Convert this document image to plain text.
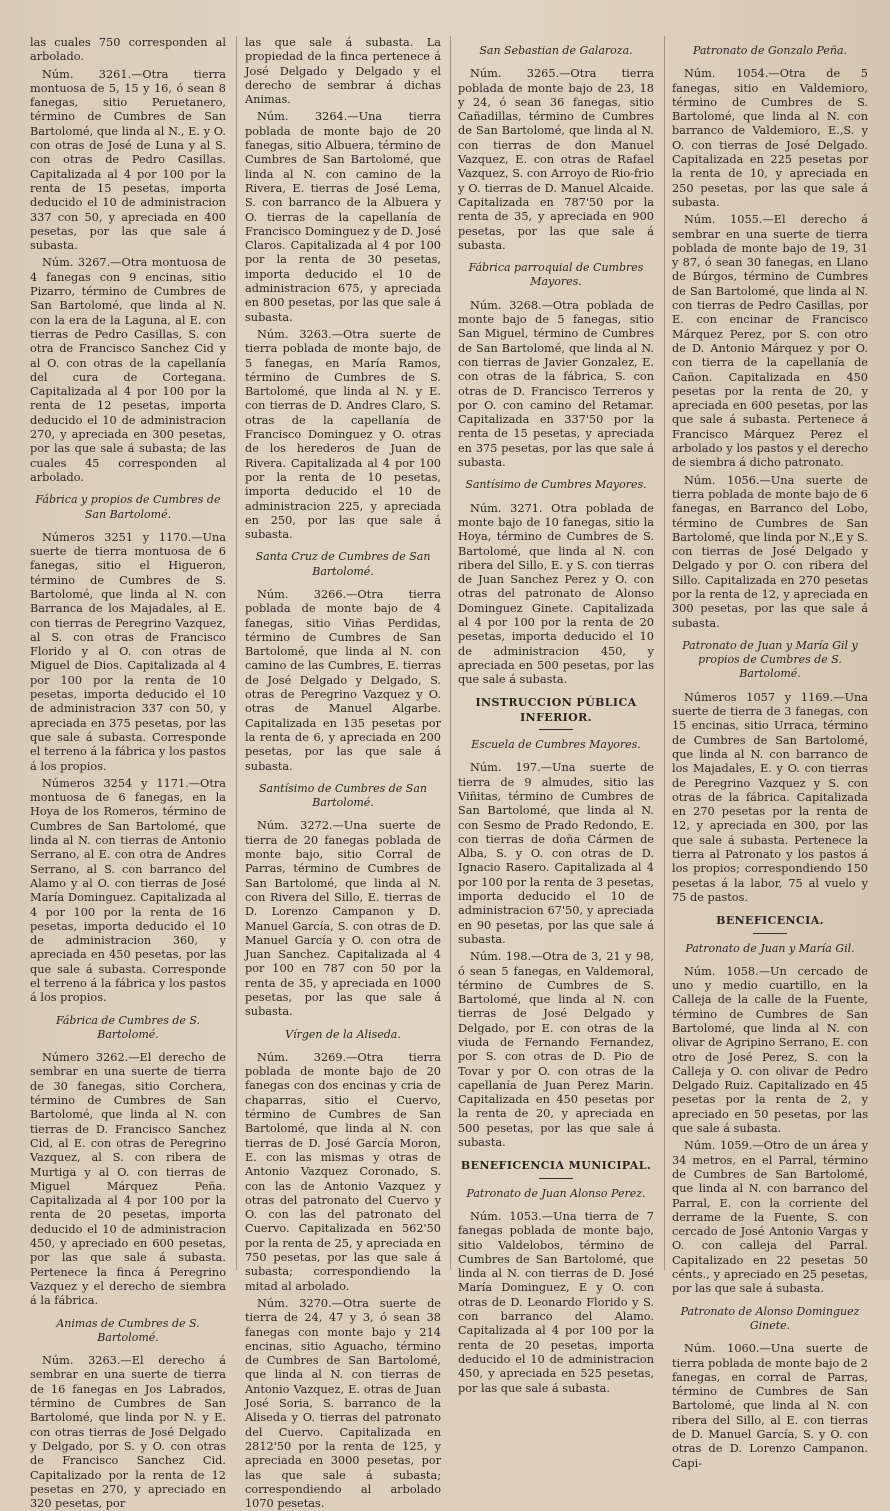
las cuales 750 corresponden al arbolado.

Núm. 3261.—Otra tierra montuosa de 5, 15 y 16, ó sean 8 fanegas, sitio Peruetanero, término de Cumbres de San Bartolomé, que linda al N., E. y O. con otras de José de Luna y al S. con otras de Pedro Casillas. Capitalizada al 4 por 100 por la renta de 15 pesetas, importa deducido el 10 de administracion 337 con 50, y apreciada en 400 pesetas, por las que sale á subasta.

Núm. 3267.—Otra montuosa de 4 fanegas con 9 encinas, sitio Pizarro, término de Cumbres de San Bartolomé, que linda al N. con la era de la Laguna, al E. con tierras de Pedro Casillas, S. con otra de Francisco Sanchez Cid y al O. con otras de la capellanía del cura de Cortegana. Capitalizada al 4 por 100 por la renta de 12 pesetas, importa deducido el 10 de administracion 270, y apreciada en 300 pesetas, por las que sale á subasta; de las cuales 45 corresponden al arbolado.

Fábrica y propios de Cumbres de San Bartolomé.

Números 3251 y 1170.—Una suerte de tierra montuosa de 6 fanegas, sitio el Higueron, término de Cumbres de S. Bartolomé, que linda al N. con Barranca de los Majadales, al E. con tierras de Peregrino Vazquez, al S. con otras de Francisco Florido y al O. con otras de Miguel de Dios. Capitalizada al 4 por 100 por la renta de 10 pesetas, importa deducido el 10 de administracion 337 con 50, y apreciada en 375 pesetas, por las que sale á subasta. Corresponde el terreno á la fábrica y los pastos á los propios.

Números 3254 y 1171.—Otra montuosa de 6 fanegas, en la Hoya de los Romeros, término de Cumbres de San Bartolomé, que linda al N. con tierras de Antonio Serrano, al E. con otra de Andres Serrano, al S. con barranco del Alamo y al O. con tierras de José María Dominguez. Capitalizada al 4 por 100 por la renta de 16 pesetas, importa deducido el 10 de administracion 360, y apreciada en 450 pesetas, por las que sale á subasta. Corresponde el terreno á la fábrica y los pastos á los propios.

Fábrica de Cumbres de S. Bartolomé.

Número 3262.—El derecho de sembrar en una suerte de tierra de 30 fanegas, sitio Corchera, término de Cumbres de San Bartolomé, que linda al N. con tierras de D. Francisco Sanchez Cid, al E. con otras de Peregrino Vazquez, al S. con ribera de Murtiga y al O. con tierras de Miguel Márquez Peña. Capitalizada al 4 por 100 por la renta de 20 pesetas, importa deducido el 10 de administracion 450, y apreciado en 600 pesetas, por las que sale á subasta. Pertenece la finca á Peregrino Vazquez y el derecho de siembra á la fábrica.

Animas de Cumbres de S. Bartolomé.

Núm. 3263.—El derecho á sembrar en una suerte de tierra de 16 fanegas en Jos Labrados, término de Cumbres de San Bartolomé, que linda por N. y E. con otras tierras de José Delgado y Delgado, por S. y O. con otras de Francisco Sanchez Cid. Capitalizado por la renta de 12 pesetas en 270, y apreciado en 320 pesetas, por

las que sale á subasta. La propiedad de la finca pertenece á José Delgado y Delgado y el derecho de sembrar á dichas Animas.

Núm. 3264.—Una tierra poblada de monte bajo de 20 fanegas, sitio Albuera, término de Cumbres de San Bartolomé, que linda al N. con camino de la Rivera, E. tierras de José Lema, S. con barranco de la Albuera y O. tierras de la capellanía de Francisco Dominguez y de D. José Claros. Capitalizada al 4 por 100 por la renta de 30 pesetas, importa deducido el 10 de administracion 675, y apreciada en 800 pesetas, por las que sale á subasta.

Núm. 3263.—Otra suerte de tierra poblada de monte bajo, de 5 fanegas, en María Ramos, término de Cumbres de S. Bartolomé, que linda al N. y E. con tierras de D. Andres Claro, S. otras de la capellanía de Francisco Dominguez y O. otras de los herederos de Juan de Rivera. Capitalizada al 4 por 100 por la renta de 10 pesetas, importa deducido el 10 de administracion 225, y apreciada en 250, por las que sale á subasta.

Santa Cruz de Cumbres de San Bartolomé.

Núm. 3266.—Otra tierra poblada de monte bajo de 4 fanegas, sitio Viñas Perdidas, término de Cumbres de San Bartolomé, que linda al N. con camino de las Cumbres, E. tierras de José Delgado y Delgado, S. otras de Peregrino Vazquez y O. otras de Manuel Algarbe. Capitalizada en 135 pesetas por la renta de 6, y apreciada en 200 pesetas, por las que sale á subasta.

Santísimo de Cumbres de San Bartolomé.

Núm. 3272.—Una suerte de tierra de 20 fanegas poblada de monte bajo, sitio Corral de Parras, término de Cumbres de San Bartolomé, que linda al N. con Rivera del Sillo, E. tierras de D. Lorenzo Campanon y D. Manuel García, S. con otras de D. Manuel García y O. con otra de Juan Sanchez. Capitalizada al 4 por 100 en 787 con 50 por la renta de 35, y apreciada en 1000 pesetas, por las que sale á subasta.

Vírgen de la Aliseda.

Núm. 3269.—Otra tierra poblada de monte bajo de 20 fanegas con dos encinas y cria de chaparras, sitio el Cuervo, término de Cumbres de San Bartolomé, que linda al N. con tierras de D. José García Moron, E. con las mismas y otras de Antonio Vazquez Coronado, S. con las de Antonio Vazquez y otras del patronato del Cuervo y O. con las del patronato del Cuervo. Capitalizada en 562'50 por la renta de 25, y apreciada en 750 pesetas, por las que sale á subasta; correspondiendo la mitad al arbolado.

Núm. 3270.—Otra suerte de tierra de 24, 47 y 3, ó sean 38 fanegas con monte bajo y 214 encinas, sitio Aguacho, término de Cumbres de San Bartolomé, que linda al N. con tierras de Antonio Vazquez, E. otras de Juan José Soria, S. barranco de la Aliseda y O. tierras del patronato del Cuervo. Capitalizada en 2812'50 por la renta de 125, y apreciada en 3000 pesetas, por las que sale á subasta; correspondiendo al arbolado 1070 pesetas.

San Sebastian de Galaroza.

Núm. 3265.—Otra tierra poblada de monte bajo de 23, 18 y 24, ó sean 36 fanegas, sitio Cañadillas, término de Cumbres de San Bartolomé, que linda al N. con tierras de don Manuel Vazquez, E. con otras de Rafael Vazquez, S. con Arroyo de Rio-frio y O. tierras de D. Manuel Alcaide. Capitalizada en 787'50 por la renta de 35, y apreciada en 900 pesetas, por las que sale á subasta.

Fábrica parroquial de Cumbres Mayores.

Núm. 3268.—Otra poblada de monte bajo de 5 fanegas, sitio San Miguel, término de Cumbres de San Bartolomé, que linda al N. con tierras de Javier Gonzalez, E. con otras de la fábrica, S. con otras de D. Francisco Terreros y por O. con camino del Retamar. Capitalizada en 337'50 por la renta de 15 pesetas, y apreciada en 375 pesetas, por las que sale á subasta.

Santísimo de Cumbres Mayores.

Núm. 3271. Otra poblada de monte bajo de 10 fanegas, sitio la Hoya, término de Cumbres de S. Bartolomé, que linda al N. con ribera del Sillo, E. y S. con tierras de Juan Sanchez Perez y O. con otras del patronato de Alonso Dominguez Ginete. Capitalizada al 4 por 100 por la renta de 20 pesetas, importa deducido el 10 de administracion 450, y apreciada en 500 pesetas, por las que sale á subasta.

INSTRUCCION PÚBLICA INFERIOR.
Escuela de Cumbres Mayores.

Núm. 197.—Una suerte de tierra de 9 almudes, sitio las Viñitas, término de Cumbres de San Bartolomé, que linda al N. con Sesmo de Prado Redondo, E. con tierras de doña Cármen de Alba, S. y O. con otras de D. Ignacio Rasero. Capitalizada al 4 por 100 por la renta de 3 pesetas, importa deducido el 10 de administracion 67'50, y apreciada en 90 pesetas, por las que sale á subasta.

Núm. 198.—Otra de 3, 21 y 98, ó sean 5 fanegas, en Valdemoral, término de Cumbres de S. Bartolomé, que linda al N. con tierras de José Delgado y Delgado, por E. con otras de la viuda de Fernando Fernandez, por S. con otras de D. Pio de Tovar y por O. con otras de la capellanía de Juan Perez Marin. Capitalizada en 450 pesetas por la renta de 20, y apreciada en 500 pesetas, por las que sale á subasta.

BENEFICENCIA MUNICIPAL.
Patronato de Juan Alonso Perez.

Núm. 1053.—Una tierra de 7 fanegas poblada de monte bajo, sitio Valdelobos, término de Cumbres de San Bartolomé, que linda al N. con tierras de D. José María Dominguez, E y O. con otras de D. Leonardo Florido y S. con barranco del Alamo. Capitalizada al 4 por 100 por la renta de 20 pesetas, importa deducido el 10 de administracion 450, y apreciada en 525 pesetas, por las que sale á subasta.

Patronato de Gonzalo Peña.

Núm. 1054.—Otra de 5 fanegas, sitio en Valdemioro, término de Cumbres de S. Bartolomé, que linda al N. con barranco de Valdemioro, E.,S. y O. con tierras de José Delgado. Capitalizada en 225 pesetas por la renta de 10, y apreciada en 250 pesetas, por las que sale á subasta.

Núm. 1055.—El derecho á sembrar en una suerte de tierra poblada de monte bajo de 19, 31 y 87, ó sean 30 fanegas, en Llano de Búrgos, término de Cumbres de San Bartolomé, que linda al N. con tierras de Pedro Casillas, por E. con encinar de Francisco Márquez Perez, por S. con otro de D. Antonio Márquez y por O. con tierra de la capellanía de Cañon. Capitalizada en 450 pesetas por la renta de 20, y apreciada en 600 pesetas, por las que sale á subasta. Pertenece á Francisco Márquez Perez el arbolado y los pastos y el derecho de siembra á dicho patronato.

Núm. 1056.—Una suerte de tierra poblada de monte bajo de 6 fanegas, en Barranco del Lobo, término de Cumbres de San Bartolomé, que linda por N.,E y S. con tierras de José Delgado y Delgado y por O. con ribera del Sillo. Capitalizada en 270 pesetas por la renta de 12, y apreciada en 300 pesetas, por las que sale á subasta.

Patronato de Juan y María Gil y propios de Cumbres de S. Bartolomé.

Números 1057 y 1169.—Una suerte de tierra de 3 fanegas, con 15 encinas, sitio Urraca, término de Cumbres de San Bartolomé, que linda al N. con barranco de los Majadales, E. y O. con tierras de Peregrino Vazquez y S. con otras de la fábrica. Capitalizada en 270 pesetas por la renta de 12, y apreciada en 300, por las que sale á subasta. Pertenece la tierra al Patronato y los pastos á los propios; correspondiendo 150 pesetas á la labor, 75 al vuelo y 75 de pastos.

BENEFICENCIA.
Patronato de Juan y María Gil.

Núm. 1058.—Un cercado de uno y medio cuartillo, en la Calleja de la calle de la Fuente, término de Cumbres de San Bartolomé, que linda al N. con olivar de Agripino Serrano, E. con otro de José Perez, S. con la Calleja y O. con olivar de Pedro Delgado Ruiz. Capitalizado en 45 pesetas por la renta de 2, y apreciado en 50 pesetas, por las que sale á subasta.

Núm. 1059.—Otro de un área y 34 metros, en el Parral, término de Cumbres de San Bartolomé, que linda al N. con barranco del Parral, E. con la corriente del derrame de la Fuente, S. con cercado de José Antonio Vargas y O. con calleja del Parral. Capitalizado en 22 pesetas 50 cénts., y apreciado en 25 pesetas, por las que sale á subasta.

Patronato de Alonso Dominguez Ginete.

Núm. 1060.—Una suerte de tierra poblada de monte bajo de 2 fanegas, en corral de Parras, término de Cumbres de San Bartolomé, que linda al N. con ribera del Sillo, al E. con tierras de D. Manuel García, S. y O. con otras de D. Lorenzo Campanon. Capi-
